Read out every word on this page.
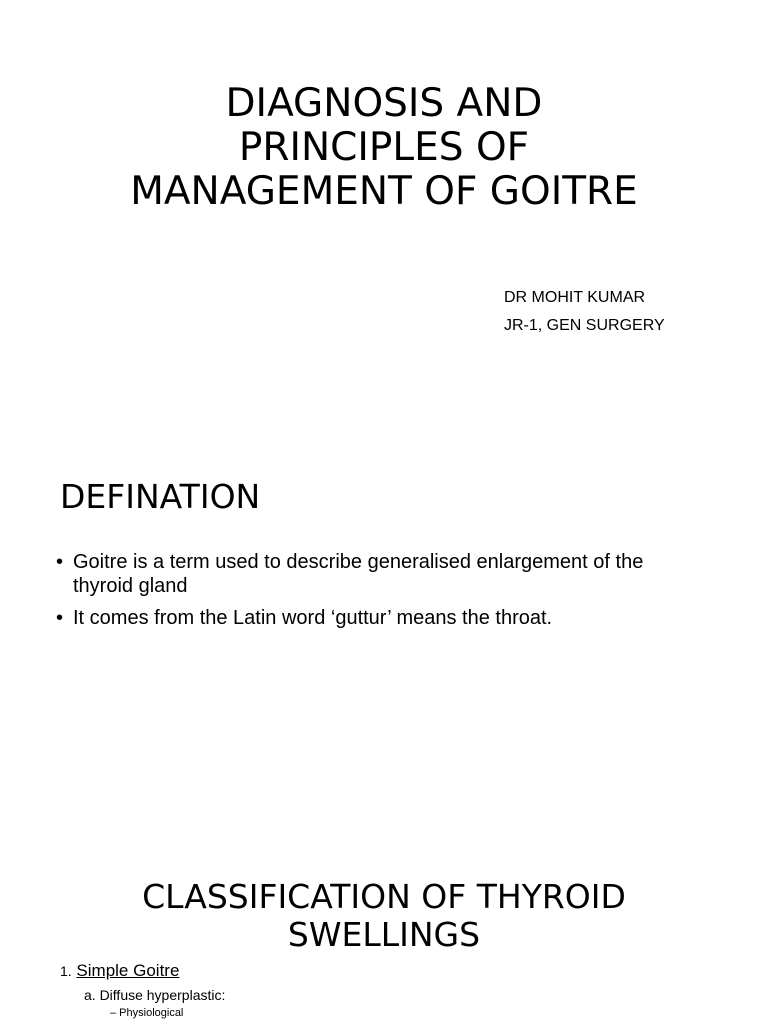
DIAGNOSIS AND
PRINCIPLES OF
MANAGEMENT OF GOITRE
DR MOHIT KUMAR
JR-1, GEN SURGERY
DEFINATION
• Goitre is a term used to describe generalised enlargement of the thyroid gland
• It comes from the Latin word ‘guttur’ means the throat.
CLASSIFICATION OF THYROID
SWELLINGS
1. Simple Goitre
a. Diffuse hyperplastic:
– Physiological
